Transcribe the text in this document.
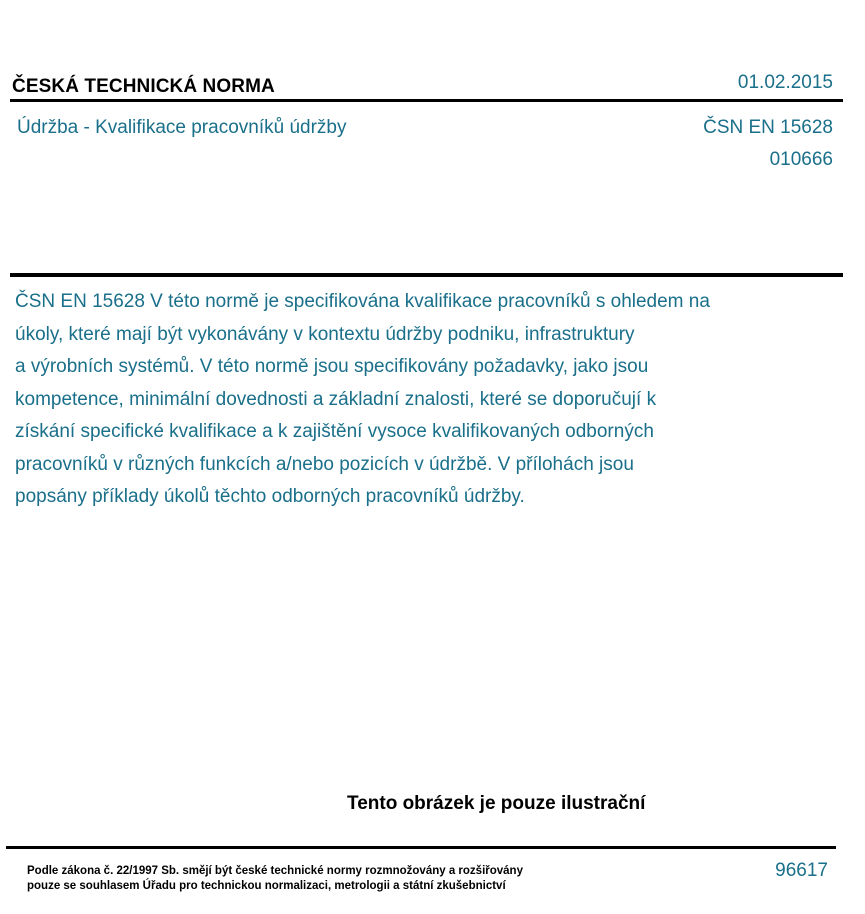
ČESKÁ TECHNICKÁ NORMA	01.02.2015
Údržba - Kvalifikace pracovníků údržby	ČSN EN 15628
010666
ČSN EN 15628 V této normě je specifikována kvalifikace pracovníků s ohledem na
úkoly, které mají být vykonávány v kontextu údržby podniku, infrastruktury
a výrobních systémů. V této normě jsou specifikovány požadavky, jako jsou
kompetence, minimální dovednosti a základní znalosti, které se doporučují k
získání specifické kvalifikace a k zajištění vysoce kvalifikovaných odborných
pracovníků v různých funkcích a/nebo pozicích v údržbě. V přílohách jsou
popsány příklady úkolů těchto odborných pracovníků údržby.
Tento obrázek je pouze ilustrační
Podle zákona č. 22/1997 Sb. smějí být české technické normy rozmnožovány a rozšiřovány
pouze se souhlasem Úřadu pro technickou normalizaci, metrologii a státní zkušebnictví
96617
